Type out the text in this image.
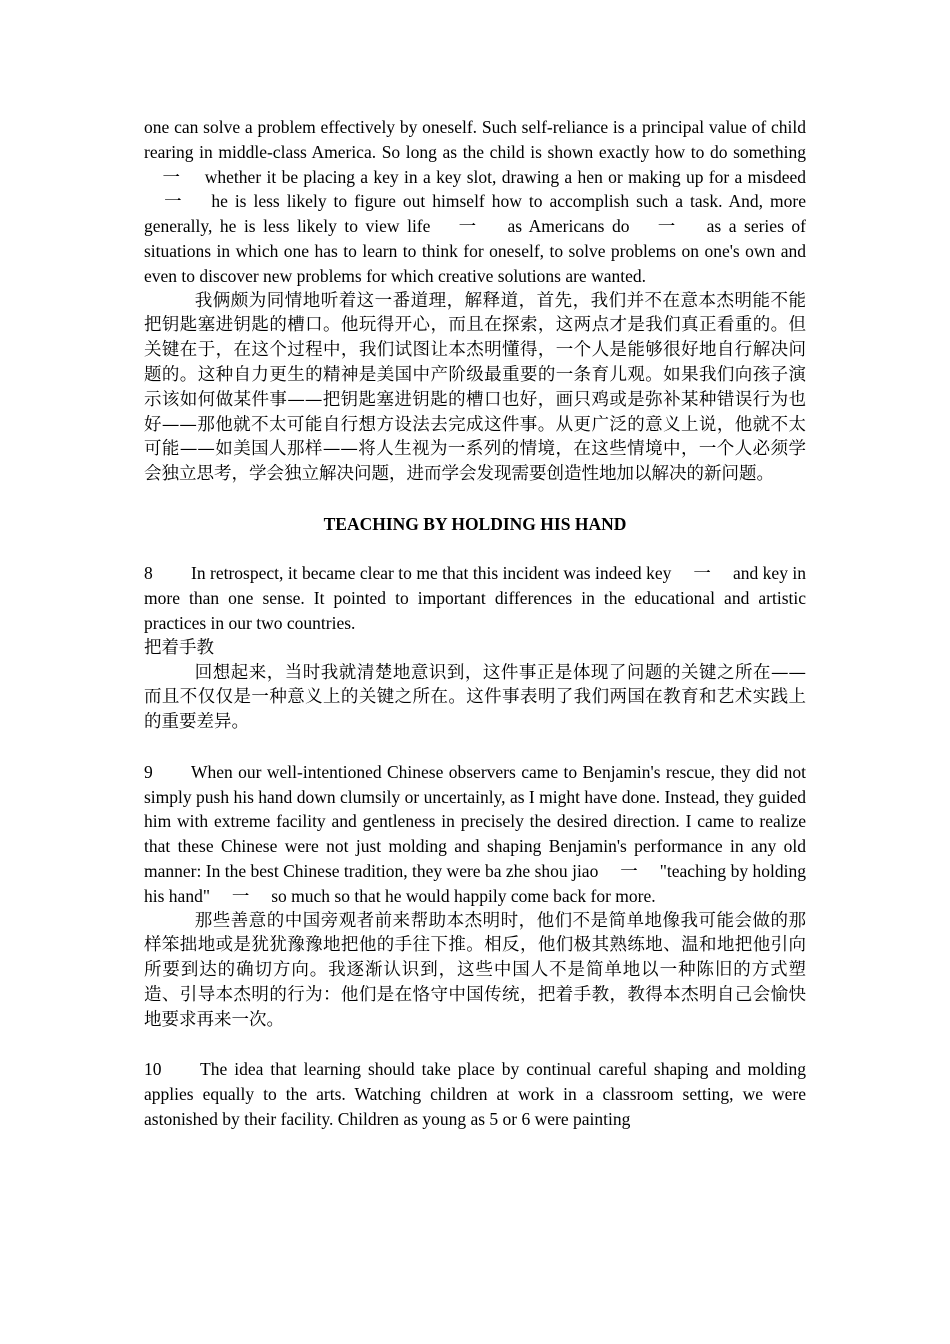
one can solve a problem effectively by oneself. Such self-reliance is a principal value of child rearing in middle-class America. So long as the child is shown exactly how to do something 　一　 whether it be placing a key in a key slot, drawing a hen or making up for a misdeed 　一　 he is less likely to figure out himself how to accomplish such a task. And, more generally, he is less likely to view life 　一　 as Americans do 　一　 as a series of situations in which one has to learn to think for oneself, to solve problems on one's own and even to discover new problems for which creative solutions are wanted.

我俩颇为同情地听着这一番道理，解释道，首先，我们并不在意本杰明能不能把钥匙塞进钥匙的槽口。他玩得开心，而且在探索，这两点才是我们真正看重的。但关键在于，在这个过程中，我们试图让本杰明懂得，一个人是能够很好地自行解决问题的。这种自力更生的精神是美国中产阶级最重要的一条育儿观。如果我们向孩子演示该如何做某件事——把钥匙塞进钥匙的槽口也好，画只鸡或是弥补某种错误行为也好——那他就不太可能自行想方设法去完成这件事。从更广泛的意义上说，他就不太可能——如美国人那样——将人生视为一系列的情境，在这些情境中，一个人必须学会独立思考，学会独立解决问题，进而学会发现需要创造性地加以解决的新问题。

TEACHING BY HOLDING HIS HAND

8 In retrospect, it became clear to me that this incident was indeed key 　一　 and key in more than one sense. It pointed to important differences in the educational and artistic practices in our two countries.

把着手教

回想起来，当时我就清楚地意识到，这件事正是体现了问题的关键之所在——而且不仅仅是一种意义上的关键之所在。这件事表明了我们两国在教育和艺术实践上的重要差异。

9 When our well-intentioned Chinese observers came to Benjamin's rescue, they did not simply push his hand down clumsily or uncertainly, as I might have done. Instead, they guided him with extreme facility and gentleness in precisely the desired direction. I came to realize that these Chinese were not just molding and shaping Benjamin's performance in any old manner: In the best Chinese tradition, they were ba zhe shou jiao 　一　 "teaching by holding his hand" 　一　 so much so that he would happily come back for more.

那些善意的中国旁观者前来帮助本杰明时，他们不是简单地像我可能会做的那样笨拙地或是犹犹豫豫地把他的手往下推。相反，他们极其熟练地、温和地把他引向所要到达的确切方向。我逐渐认识到，这些中国人不是简单地以一种陈旧的方式塑造、引导本杰明的行为：他们是在恪守中国传统，把着手教，教得本杰明自己会愉快地要求再来一次。

10 The idea that learning should take place by continual careful shaping and molding applies equally to the arts. Watching children at work in a classroom setting, we were astonished by their facility. Children as young as 5 or 6 were painting
